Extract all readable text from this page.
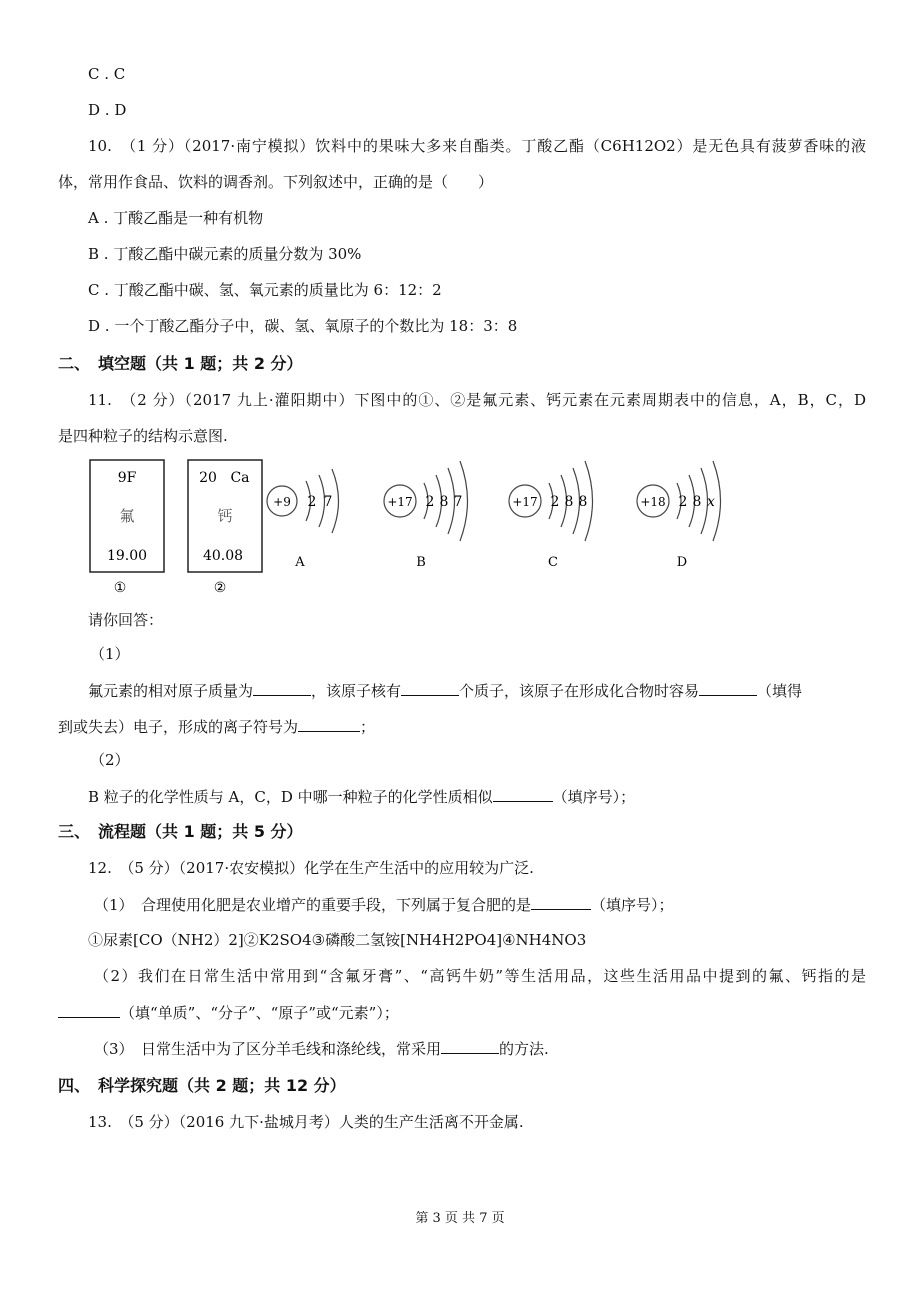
C . C
D . D
10.　（1 分）（2017·南宁模拟）饮料中的果味大多来自酯类。丁酸乙酯（C6H12O2）是无色具有菠萝香味的液
体，常用作食品、饮料的调香剂。下列叙述中，正确的是（　　）
A . 丁酸乙酯是一种有机物
B . 丁酸乙酯中碳元素的质量分数为 30%
C . 丁酸乙酯中碳、氢、氧元素的质量比为 6：12：2
D . 一个丁酸乙酯分子中，碳、氢、氧原子的个数比为 18：3：8
二、　填空题（共 1 题；共 2 分）
11.　（2 分）（2017 九上·灌阳期中）下图中的①、②是氟元素、钙元素在元素周期表中的信息，A，B，C，D
是四种粒子的结构示意图.
9F
氟
19.00
①
20 Ca
钙
40.08
②
+9 2 7
A
+17 2 8 7
B
+17 2 8 8
C
+18 2 8 x
D
请你回答：
（1）
氟元素的相对原子质量为	，该原子核有	个质子，该原子在形成化合物时容易	（填得
到或失去）电子，形成的离子符号为	；
（2）
B 粒子的化学性质与 A，C，D 中哪一种粒子的化学性质相似	（填序号）；
三、　流程题（共 1 题；共 5 分）
12.　（5 分）（2017·农安模拟）化学在生产生活中的应用较为广泛.
（1）　合理使用化肥是农业增产的重要手段，下列属于复合肥的是	（填序号）；
①尿素[CO（NH2）2]②K2SO4③磷酸二氢铵[NH4H2PO4]④NH4NO3
（2）我们在日常生活中常用到“含氟牙膏”、“高钙牛奶”等生活用品，这些生活用品中提到的氟、钙指的是
（填“单质”、“分子”、“原子”或“元素”）；
（3）　日常生活中为了区分羊毛线和涤纶线，常采用	的方法.
四、　科学探究题（共 2 题；共 12 分）
13.　（5 分）（2016 九下·盐城月考）人类的生产生活离不开金属.
第 3 页 共 7 页
